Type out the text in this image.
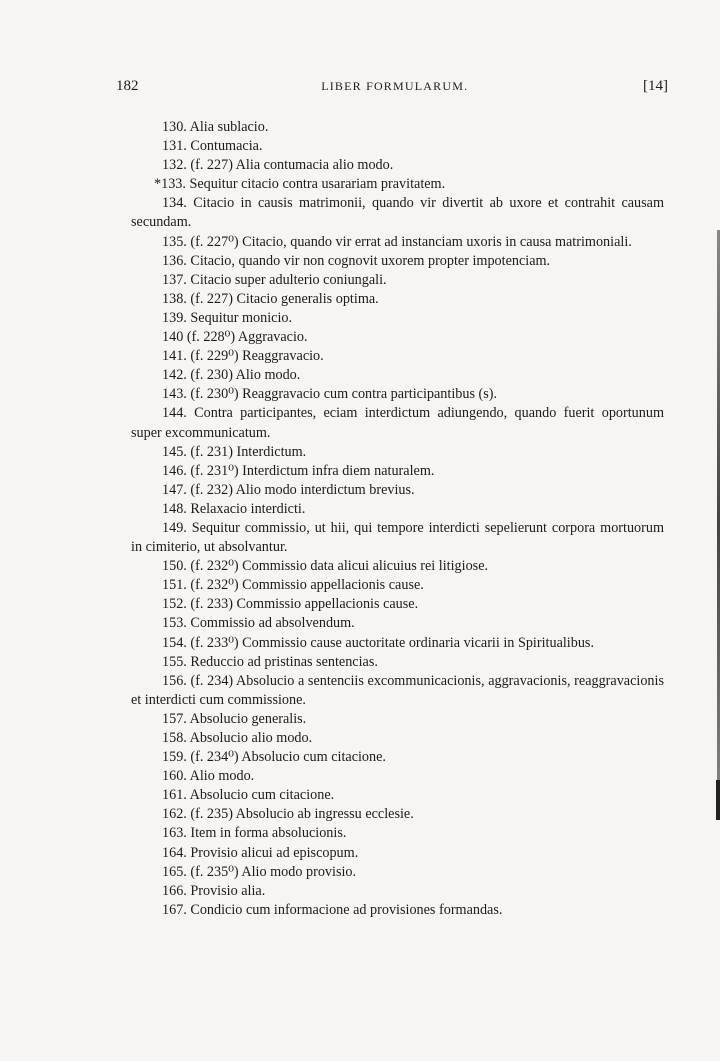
182	LIBER FORMULARUM.	[14]
130. Alia sublacio.
131. Contumacia.
132. (f. 227) Alia contumacia alio modo.
*133. Sequitur citacio contra usarariam pravitatem.
134. Citacio in causis matrimonii, quando vir divertit ab uxore et contrahit causam secundam.
135. (f. 227⁰) Citacio, quando vir errat ad instanciam uxoris in causa matrimoniali.
136. Citacio, quando vir non cognovit uxorem propter impotenciam.
137. Citacio super adulterio coniungali.
138. (f. 227) Citacio generalis optima.
139. Sequitur monicio.
140 (f. 228⁰) Aggravacio.
141. (f. 229⁰) Reaggravacio.
142. (f. 230) Alio modo.
143. (f. 230⁰) Reaggravacio cum contra participantibus (s).
144. Contra participantes, eciam interdictum adiungendo, quando fuerit oportunum super excommunicatum.
145. (f. 231) Interdictum.
146. (f. 231⁰) Interdictum infra diem naturalem.
147. (f. 232) Alio modo interdictum brevius.
148. Relaxacio interdicti.
149. Sequitur commissio, ut hii, qui tempore interdicti sepelierunt corpora mortuorum in cimiterio, ut absolvantur.
150. (f. 232⁰) Commissio data alicui alicuius rei litigiose.
151. (f. 232⁰) Commissio appellacionis cause.
152. (f. 233) Commissio appellacionis cause.
153. Commissio ad absolvendum.
154. (f. 233⁰) Commissio cause auctoritate ordinaria vicarii in Spiritualibus.
155. Reduccio ad pristinas sentencias.
156. (f. 234) Absolucio a sentenciis excommunicacionis, aggravacionis, reaggravacionis et interdicti cum commissione.
157. Absolucio generalis.
158. Absolucio alio modo.
159. (f. 234⁰) Absolucio cum citacione.
160. Alio modo.
161. Absolucio cum citacione.
162. (f. 235) Absolucio ab ingressu ecclesie.
163. Item in forma absolucionis.
164. Provisio alicui ad episcopum.
165. (f. 235⁰) Alio modo provisio.
166. Provisio alia.
167. Condicio cum informacione ad provisiones formandas.
